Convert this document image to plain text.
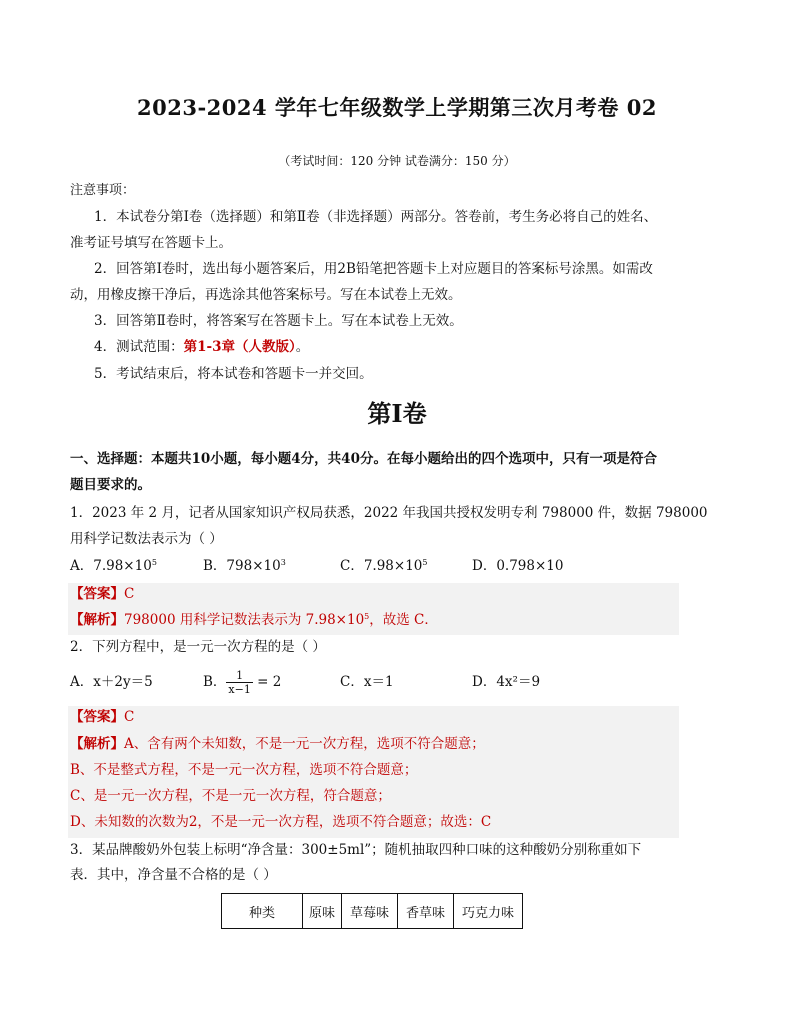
2023-2024 学年七年级数学上学期第三次月考卷 02
（考试时间：120 分钟 试卷满分：150 分）
注意事项：
1．本试卷分第Ⅰ卷（选择题）和第Ⅱ卷（非选择题）两部分。答卷前，考生务必将自己的姓名、
准考证号填写在答题卡上。
2．回答第Ⅰ卷时，选出每小题答案后，用2B铅笔把答题卡上对应题目的答案标号涂黑。如需改
动，用橡皮擦干净后，再选涂其他答案标号。写在本试卷上无效。
3．回答第Ⅱ卷时，将答案写在答题卡上。写在本试卷上无效。
4．测试范围：第1-3章（人教版）。
5．考试结束后，将本试卷和答题卡一并交回。
第Ⅰ卷
一、选择题：本题共10小题，每小题4分，共40分。在每小题给出的四个选项中，只有一项是符合
题目要求的。
1．2023 年 2 月，记者从国家知识产权局获悉，2022 年我国共授权发明专利 798000 件，数据 798000
用科学记数法表示为（ ）
A．$7.98\times 10^5$	B．$798\times 10^3$	C．$7.98\times 10^5$	D．0.798×10
【答案】C
【解析】798000 用科学记数法表示为 $7.98\times 10^5$，故选 C．
2．下列方程中，是一元一次方程的是（ ）
A．x＋2y＝5	B． $\frac{1}{x-1} = 2$	C．x＝1	D．4x²＝9
【答案】C
【解析】A、含有两个未知数，不是一元一次方程，选项不符合题意；
B、不是整式方程，不是一元一次方程，选项不符合题意；
C、是一元一次方程，不是一元一次方程，符合题意；
D、未知数的次数为2，不是一元一次方程，选项不符合题意；故选：C
3．某品牌酸奶外包装上标明“净含量：300±5ml”；随机抽取四种口味的这种酸奶分别称重如下
表．其中，净含量不合格的是（ ）
种类	原味	草莓味	香草味	巧克力味
